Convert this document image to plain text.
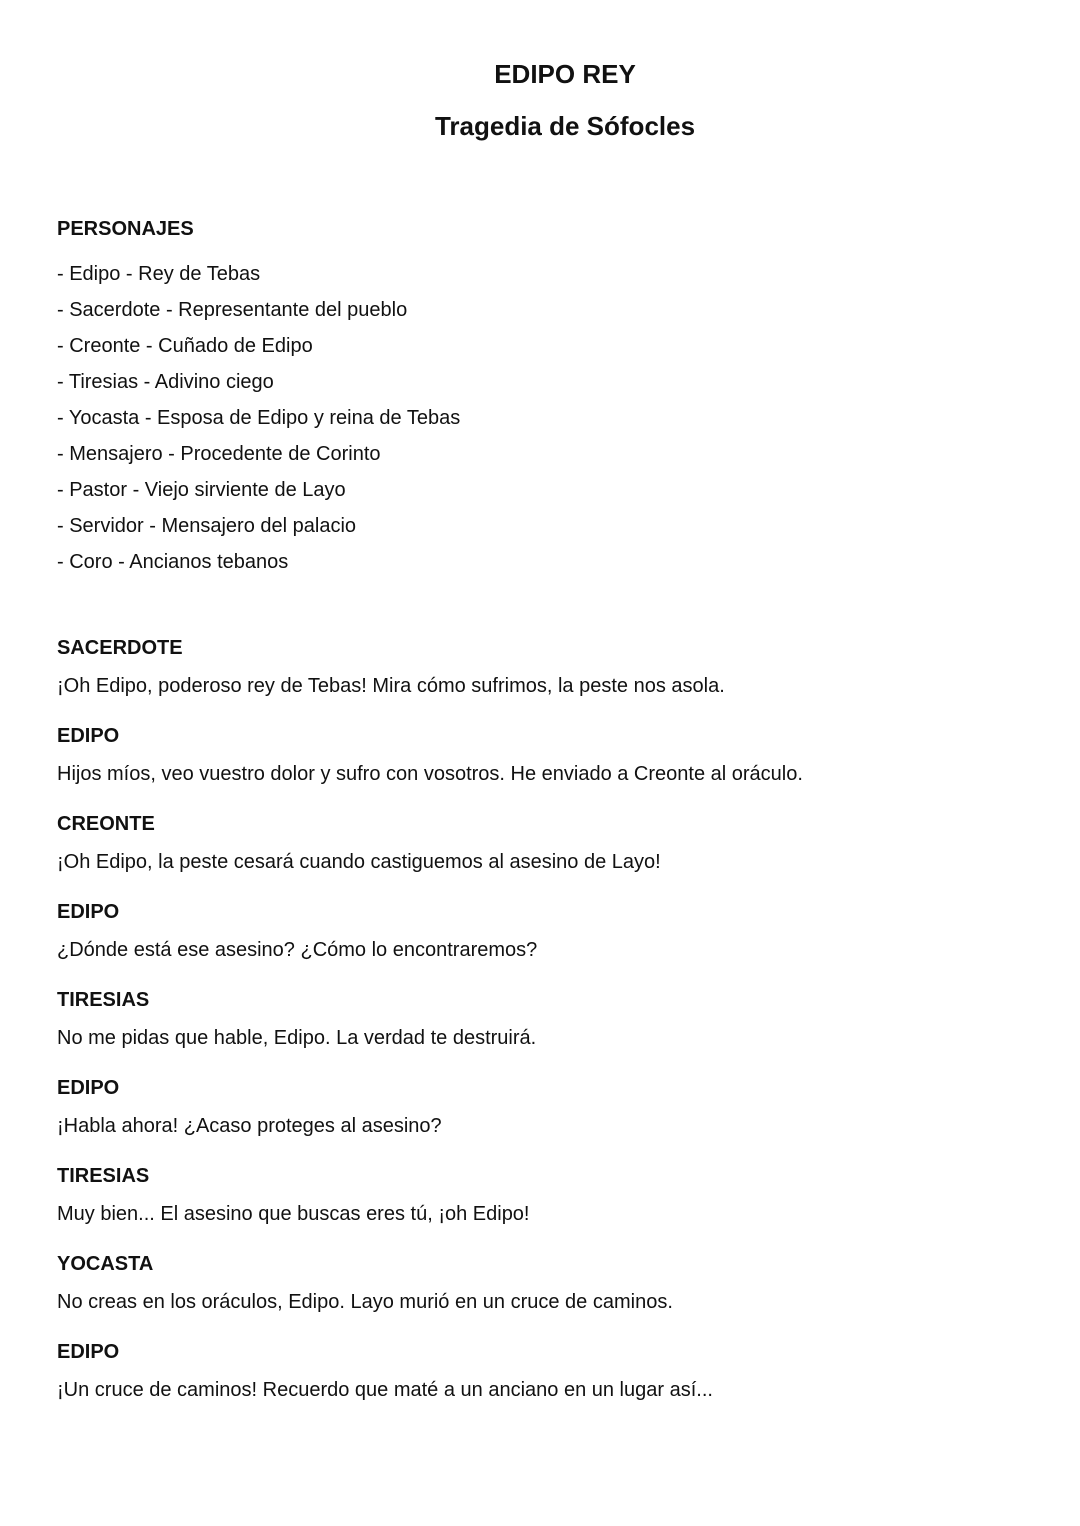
EDIPO REY
Tragedia de Sófocles
PERSONAJES
- Edipo - Rey de Tebas
- Sacerdote - Representante del pueblo
- Creonte - Cuñado de Edipo
- Tiresias - Adivino ciego
- Yocasta - Esposa de Edipo y reina de Tebas
- Mensajero - Procedente de Corinto
- Pastor - Viejo sirviente de Layo
- Servidor - Mensajero del palacio
- Coro - Ancianos tebanos
SACERDOTE
¡Oh Edipo, poderoso rey de Tebas! Mira cómo sufrimos, la peste nos asola.
EDIPO
Hijos míos, veo vuestro dolor y sufro con vosotros. He enviado a Creonte al oráculo.
CREONTE
¡Oh Edipo, la peste cesará cuando castiguemos al asesino de Layo!
EDIPO
¿Dónde está ese asesino? ¿Cómo lo encontraremos?
TIRESIAS
No me pidas que hable, Edipo. La verdad te destruirá.
EDIPO
¡Habla ahora! ¿Acaso proteges al asesino?
TIRESIAS
Muy bien... El asesino que buscas eres tú, ¡oh Edipo!
YOCASTA
No creas en los oráculos, Edipo. Layo murió en un cruce de caminos.
EDIPO
¡Un cruce de caminos! Recuerdo que maté a un anciano en un lugar así...
